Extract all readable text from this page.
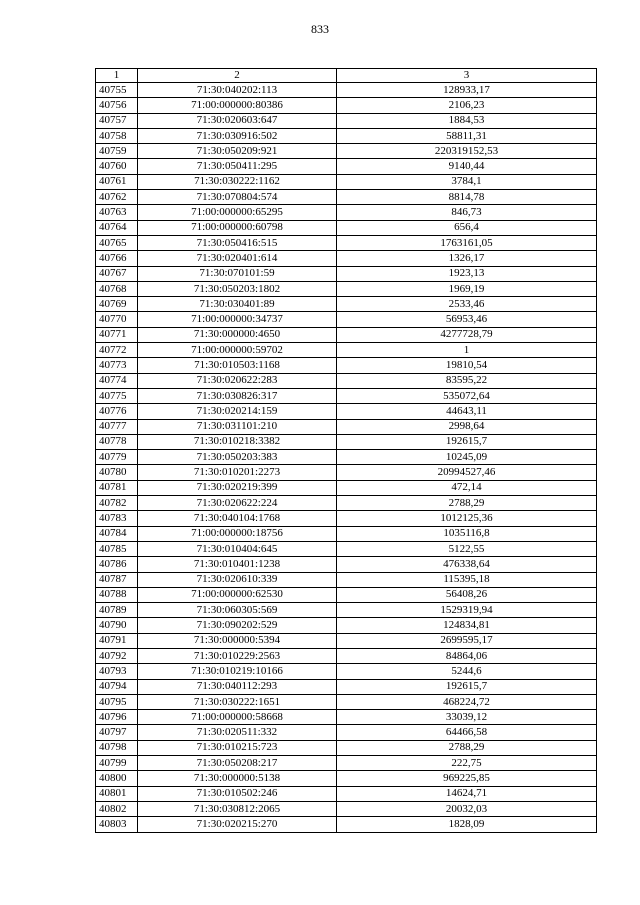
833
1	2	3
40755	71:30:040202:113	128933,17
40756	71:00:000000:80386	2106,23
40757	71:30:020603:647	1884,53
40758	71:30:030916:502	58811,31
40759	71:30:050209:921	220319152,53
40760	71:30:050411:295	9140,44
40761	71:30:030222:1162	3784,1
40762	71:30:070804:574	8814,78
40763	71:00:000000:65295	846,73
40764	71:00:000000:60798	656,4
40765	71:30:050416:515	1763161,05
40766	71:30:020401:614	1326,17
40767	71:30:070101:59	1923,13
40768	71:30:050203:1802	1969,19
40769	71:30:030401:89	2533,46
40770	71:00:000000:34737	56953,46
40771	71:30:000000:4650	4277728,79
40772	71:00:000000:59702	1
40773	71:30:010503:1168	19810,54
40774	71:30:020622:283	83595,22
40775	71:30:030826:317	535072,64
40776	71:30:020214:159	44643,11
40777	71:30:031101:210	2998,64
40778	71:30:010218:3382	192615,7
40779	71:30:050203:383	10245,09
40780	71:30:010201:2273	20994527,46
40781	71:30:020219:399	472,14
40782	71:30:020622:224	2788,29
40783	71:30:040104:1768	1012125,36
40784	71:00:000000:18756	1035116,8
40785	71:30:010404:645	5122,55
40786	71:30:010401:1238	476338,64
40787	71:30:020610:339	115395,18
40788	71:00:000000:62530	56408,26
40789	71:30:060305:569	1529319,94
40790	71:30:090202:529	124834,81
40791	71:30:000000:5394	2699595,17
40792	71:30:010229:2563	84864,06
40793	71:30:010219:10166	5244,6
40794	71:30:040112:293	192615,7
40795	71:30:030222:1651	468224,72
40796	71:00:000000:58668	33039,12
40797	71:30:020511:332	64466,58
40798	71:30:010215:723	2788,29
40799	71:30:050208:217	222,75
40800	71:30:000000:5138	969225,85
40801	71:30:010502:246	14624,71
40802	71:30:030812:2065	20032,03
40803	71:30:020215:270	1828,09
